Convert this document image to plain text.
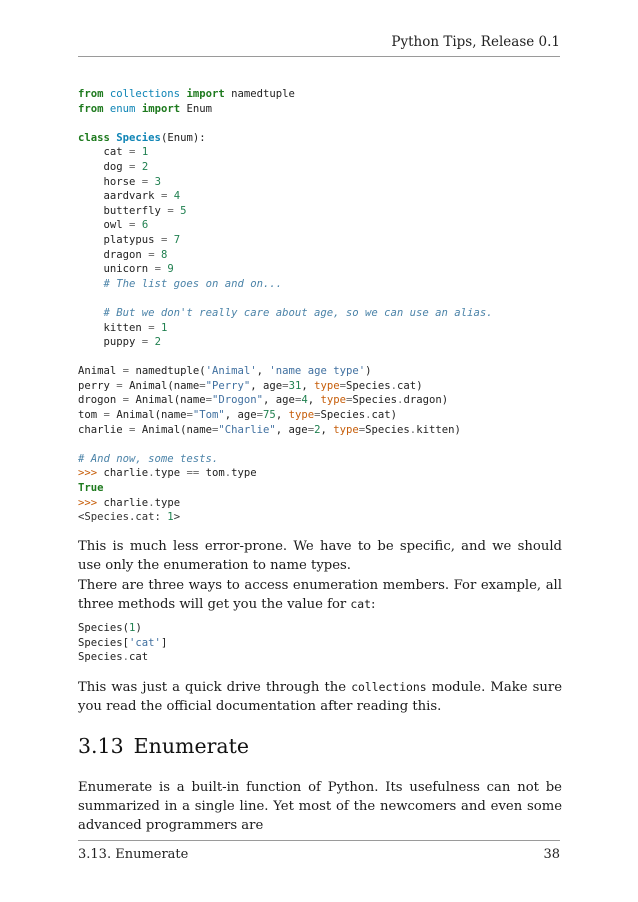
Python Tips, Release 0.1
from collections import namedtuple
from enum import Enum

class Species(Enum):
cat = 1
dog = 2
horse = 3
aardvark = 4
butterfly = 5
owl = 6
platypus = 7
dragon = 8
unicorn = 9
# The list goes on and on...

# But we don't really care about age, so we can use an alias.
kitten = 1
puppy = 2

Animal = namedtuple('Animal', 'name age type')
perry = Animal(name="Perry", age=31, type=Species.cat)
drogon = Animal(name="Drogon", age=4, type=Species.dragon)
tom = Animal(name="Tom", age=75, type=Species.cat)
charlie = Animal(name="Charlie", age=2, type=Species.kitten)

# And now, some tests.
>>> charlie.type == tom.type
True
>>> charlie.type
<Species.cat: 1>

This is much less error-prone. We have to be specific, and we should use only the enumeration to name types.

There are three ways to access enumeration members. For example, all three methods will get you the value for cat:

Species(1)
Species['cat']
Species.cat

This was just a quick drive through the collections module. Make sure you read the official documentation after reading this.

3.13 Enumerate

Enumerate is a built-in function of Python. Its usefulness can not be summarized in a single line. Yet most of the newcomers and even some advanced programmers are

3.13. Enumerate	38
